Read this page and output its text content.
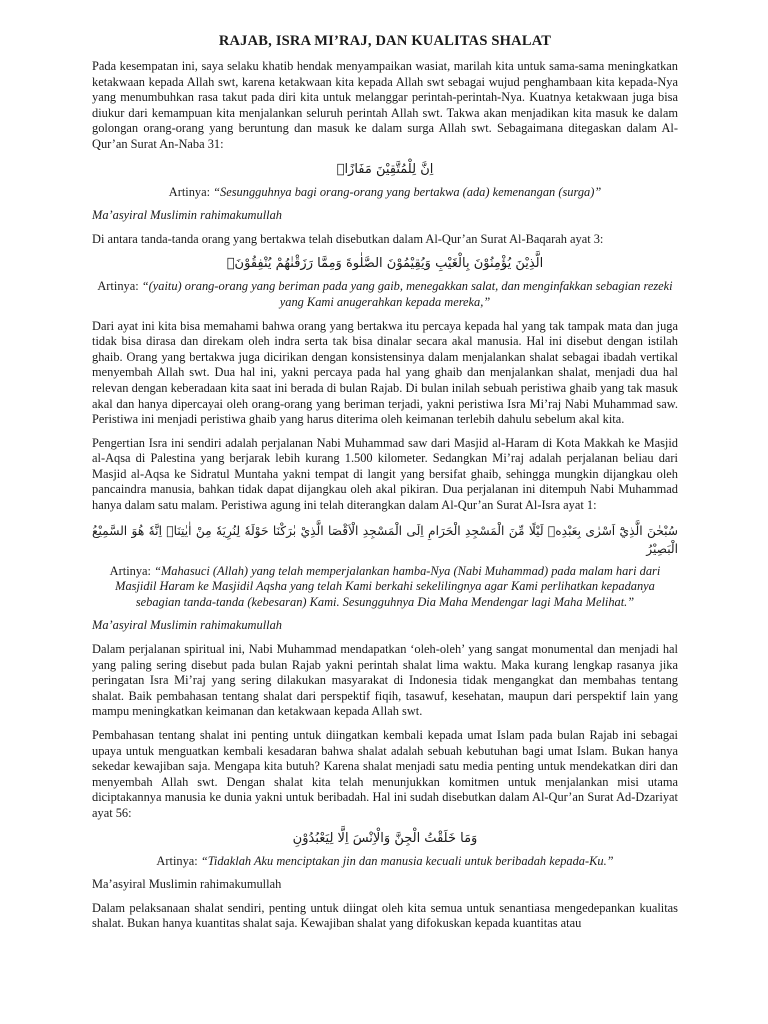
RAJAB, ISRA MI’RAJ, DAN KUALITAS SHALAT

Pada kesempatan ini, saya selaku khatib hendak menyampaikan wasiat, marilah kita untuk sama-sama meningkatkan ketakwaan kepada Allah swt, karena ketakwaan kita kepada Allah swt sebagai wujud penghambaan kita kepada-Nya yang menumbuhkan rasa takut pada diri kita untuk melanggar perintah-perintah-Nya. Kuatnya ketakwaan juga bisa diukur dari kemampuan kita menjalankan seluruh perintah Allah swt. Takwa akan menjadikan kita masuk ke dalam golongan orang-orang yang beruntung dan masuk ke dalam surga Allah swt. Sebagaimana ditegaskan dalam Al-Qur’an Surat An-Naba 31:

اِنَّ لِلْمُتَّقِيْنَ مَفَازًاۙ

Artinya: “Sesungguhnya bagi orang-orang yang bertakwa (ada) kemenangan (surga)”

Ma’asyiral Muslimin rahimakumullah

Di antara tanda-tanda orang yang bertakwa telah disebutkan dalam Al-Qur’an Surat Al-Baqarah ayat 3:

الَّذِيْنَ يُؤْمِنُوْنَ بِالْغَيْبِ وَيُقِيْمُوْنَ الصَّلٰوةَ وَمِمَّا رَزَقْنٰهُمْ يُنْفِقُوْنَۙ

Artinya: “(yaitu) orang-orang yang beriman pada yang gaib, menegakkan salat, dan menginfakkan sebagian rezeki yang Kami anugerahkan kepada mereka,”

Dari ayat ini kita bisa memahami bahwa orang yang bertakwa itu percaya kepada hal yang tak tampak mata dan juga tidak bisa dirasa dan direkam oleh indra serta tak bisa dinalar secara akal manusia. Hal ini disebut dengan istilah ghaib. Orang yang bertakwa juga dicirikan dengan konsistensinya dalam menjalankan shalat sebagai ibadah vertikal menyembah Allah swt. Dua hal ini, yakni percaya pada hal yang ghaib dan menjalankan shalat, menjadi dua hal relevan dengan keberadaan kita saat ini berada di bulan Rajab. Di bulan inilah sebuah peristiwa ghaib yang tak masuk akal dan hanya dipercayai oleh orang-orang yang beriman terjadi, yakni peristiwa Isra Mi’raj Nabi Muhammad saw. Peristiwa ini menjadi peristiwa ghaib yang harus diterima oleh keimanan terlebih dahulu sebelum akal kita.

Pengertian Isra ini sendiri adalah perjalanan Nabi Muhammad saw dari Masjid al-Haram di Kota Makkah ke Masjid al-Aqsa di Palestina yang berjarak lebih kurang 1.500 kilometer. Sedangkan Mi’raj adalah perjalanan beliau dari Masjid al-Aqsa ke Sidratul Muntaha yakni tempat di langit yang bersifat ghaib, sehingga mungkin dijangkau oleh pancaindra manusia, bahkan tidak dapat dijangkau oleh akal pikiran. Dua perjalanan ini ditempuh Nabi Muhammad hanya dalam satu malam. Peristiwa agung ini telah diterangkan dalam Al-Qur’an Surat Al-Isra ayat 1:

سُبْحٰنَ الَّذِيْٓ اَسْرٰى بِعَبْدِهٖ لَيْلًا مِّنَ الْمَسْجِدِ الْحَرَامِ اِلَى الْمَسْجِدِ الْاَقْصَا الَّذِيْ بٰرَكْنَا حَوْلَهٗ لِنُرِيَهٗ مِنْ اٰيٰتِنَاۗ اِنَّهٗ هُوَ السَّمِيْعُ الْبَصِيْرُ

Artinya: “Mahasuci (Allah) yang telah memperjalankan hamba-Nya (Nabi Muhammad) pada malam hari dari Masjidil Haram ke Masjidil Aqsha yang telah Kami berkahi sekelilingnya agar Kami perlihatkan kepadanya sebagian tanda-tanda (kebesaran) Kami. Sesungguhnya Dia Maha Mendengar lagi Maha Melihat.”

Ma’asyiral Muslimin rahimakumullah

Dalam perjalanan spiritual ini, Nabi Muhammad mendapatkan ‘oleh-oleh’ yang sangat monumental dan menjadi hal yang paling sering disebut pada bulan Rajab yakni perintah shalat lima waktu. Maka kurang lengkap rasanya jika peringatan Isra Mi’raj yang sering dilakukan masyarakat di Indonesia tidak mengangkat dan membahas tentang shalat. Baik pembahasan tentang shalat dari perspektif fiqih, tasawuf, kesehatan, maupun dari perspektif lain yang mampu meningkatkan keimanan dan ketakwaan kepada Allah swt.

Pembahasan tentang shalat ini penting untuk diingatkan kembali kepada umat Islam pada bulan Rajab ini sebagai upaya untuk menguatkan kembali kesadaran bahwa shalat adalah sebuah kebutuhan bagi umat Islam. Bukan hanya sekedar kewajiban saja. Mengapa kita butuh? Karena shalat menjadi satu media penting untuk mendekatkan diri dan menyembah Allah swt. Dengan shalat kita telah menunjukkan komitmen untuk menjalankan misi utama diciptakannya manusia ke dunia yakni untuk beribadah. Hal ini sudah disebutkan dalam Al-Qur’an Surat Ad-Dzariyat ayat 56:

وَمَا خَلَقْتُ الْجِنَّ وَالْاِنْسَ اِلَّا لِيَعْبُدُوْنِ

Artinya: “Tidaklah Aku menciptakan jin dan manusia kecuali untuk beribadah kepada-Ku.”

Ma’asyiral Muslimin rahimakumullah

Dalam pelaksanaan shalat sendiri, penting untuk diingat oleh kita semua untuk senantiasa mengedepankan kualitas shalat. Bukan hanya kuantitas shalat saja. Kewajiban shalat yang difokuskan kepada kuantitas atau
